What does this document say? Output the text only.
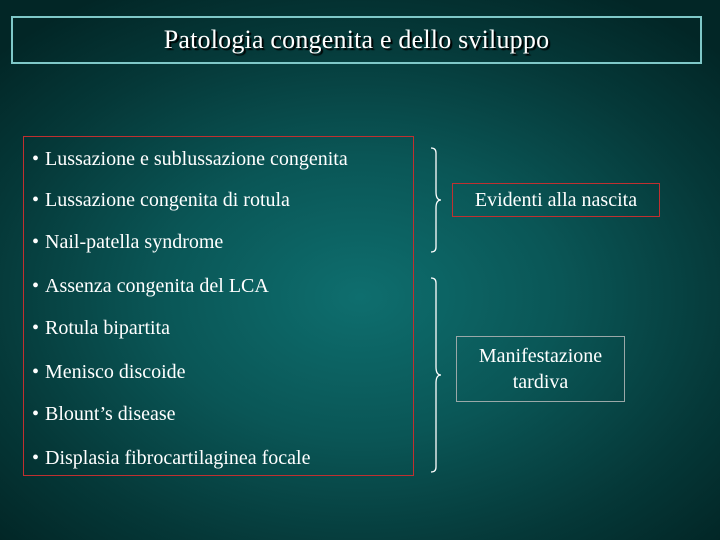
Patologia congenita e dello sviluppo
• Lussazione e sublussazione congenita
• Lussazione congenita di rotula
• Nail-patella syndrome
• Assenza congenita del LCA
• Rotula bipartita
• Menisco discoide
• Blount’s disease
• Displasia fibrocartilaginea focale
Evidenti alla nascita
Manifestazione
tardiva
